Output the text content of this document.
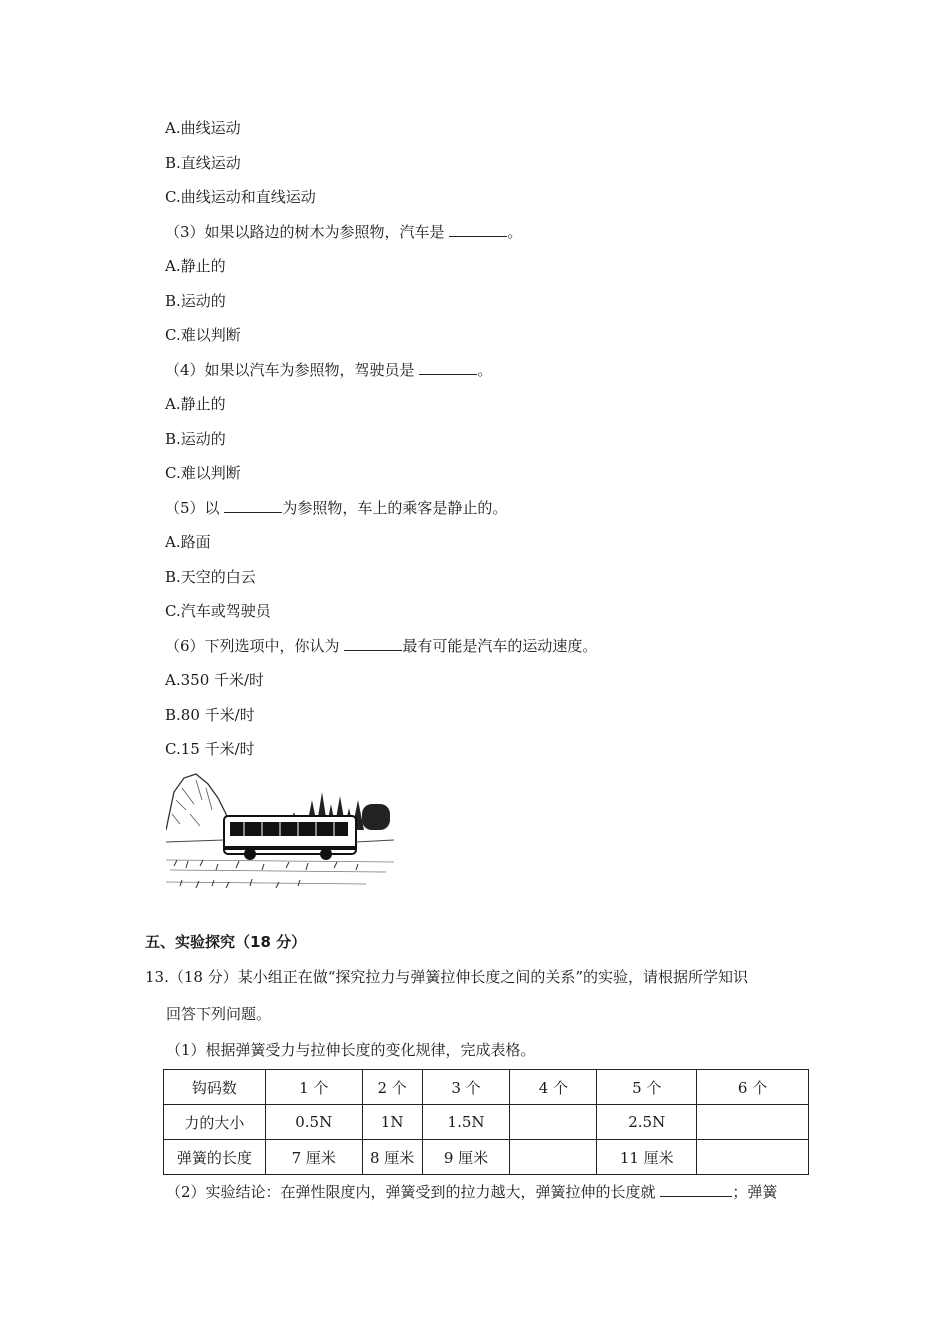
A.曲线运动
B.直线运动
C.曲线运动和直线运动
（3）如果以路边的树木为参照物，汽车是	。
A.静止的
B.运动的
C.难以判断
（4）如果以汽车为参照物，驾驶员是	。
A.静止的
B.运动的
C.难以判断
（5）以	为参照物，车上的乘客是静止的。
A.路面
B.天空的白云
C.汽车或驾驶员
（6）下列选项中，你认为	最有可能是汽车的运动速度。
A.350 千米/时
B.80 千米/时
C.15 千米/时
五、实验探究（18 分）
13.（18 分）某小组正在做“探究拉力与弹簧拉伸长度之间的关系”的实验，请根据所学知识
回答下列问题。
（1）根据弹簧受力与拉伸长度的变化规律，完成表格。
钩码数	1 个	2 个	3 个	4 个	5 个	6 个
力的大小	0.5N	1N	1.5N		2.5N	
弹簧的长度	7 厘米	8 厘米	9 厘米		11 厘米	
（2）实验结论：在弹性限度内，弹簧受到的拉力越大，弹簧拉伸的长度就	；弹簧
